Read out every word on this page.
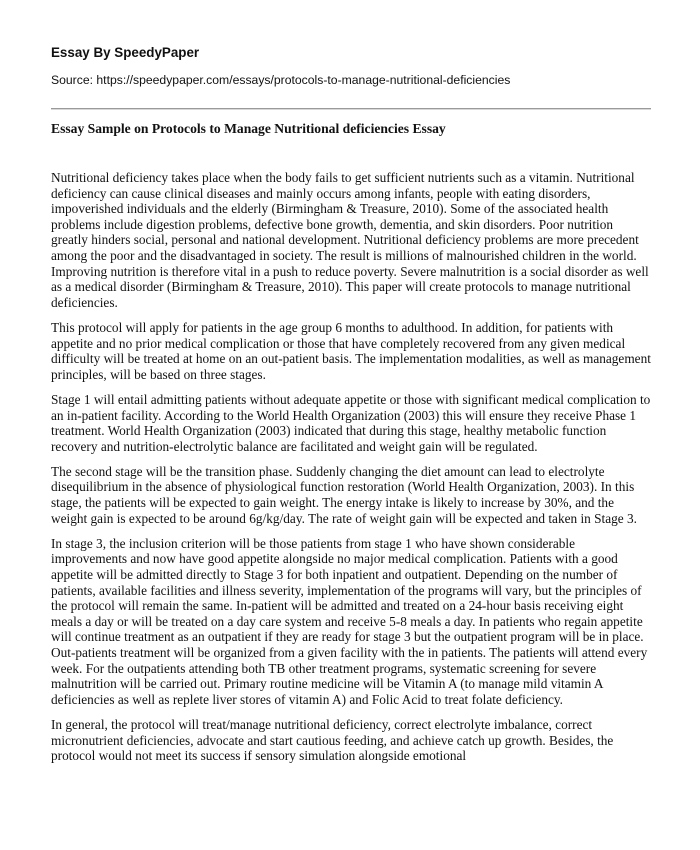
Essay By SpeedyPaper

Source: https://speedypaper.com/essays/protocols-to-manage-nutritional-deficiencies

Essay Sample on Protocols to Manage Nutritional deficiencies Essay

Nutritional deficiency takes place when the body fails to get sufficient nutrients such as a vitamin. Nutritional deficiency can cause clinical diseases and mainly occurs among infants, people with eating disorders, impoverished individuals and the elderly (Birmingham & Treasure, 2010). Some of the associated health problems include digestion problems, defective bone growth, dementia, and skin disorders. Poor nutrition greatly hinders social, personal and national development. Nutritional deficiency problems are more precedent among the poor and the disadvantaged in society. The result is millions of malnourished children in the world. Improving nutrition is therefore vital in a push to reduce poverty. Severe malnutrition is a social disorder as well as a medical disorder (Birmingham & Treasure, 2010). This paper will create protocols to manage nutritional deficiencies.

This protocol will apply for patients in the age group 6 months to adulthood. In addition, for patients with appetite and no prior medical complication or those that have completely recovered from any given medical difficulty will be treated at home on an out-patient basis. The implementation modalities, as well as management principles, will be based on three stages.

Stage 1 will entail admitting patients without adequate appetite or those with significant medical complication to an in-patient facility. According to the World Health Organization (2003) this will ensure they receive Phase 1 treatment. World Health Organization (2003) indicated that during this stage, healthy metabolic function recovery and nutrition-electrolytic balance are facilitated and weight gain will be regulated.

The second stage will be the transition phase. Suddenly changing the diet amount can lead to electrolyte disequilibrium in the absence of physiological function restoration (World Health Organization, 2003). In this stage, the patients will be expected to gain weight. The energy intake is likely to increase by 30%, and the weight gain is expected to be around 6g/kg/day. The rate of weight gain will be expected and taken in Stage 3.

In stage 3, the inclusion criterion will be those patients from stage 1 who have shown considerable improvements and now have good appetite alongside no major medical complication. Patients with a good appetite will be admitted directly to Stage 3 for both inpatient and outpatient. Depending on the number of patients, available facilities and illness severity, implementation of the programs will vary, but the principles of the protocol will remain the same. In-patient will be admitted and treated on a 24-hour basis receiving eight meals a day or will be treated on a day care system and receive 5-8 meals a day. In patients who regain appetite will continue treatment as an outpatient if they are ready for stage 3 but the outpatient program will be in place. Out-patients treatment will be organized from a given facility with the in patients. The patients will attend every week. For the outpatients attending both TB other treatment programs, systematic screening for severe malnutrition will be carried out. Primary routine medicine will be Vitamin A (to manage mild vitamin A deficiencies as well as replete liver stores of vitamin A) and Folic Acid to treat folate deficiency.

In general, the protocol will treat/manage nutritional deficiency, correct electrolyte imbalance, correct micronutrient deficiencies, advocate and start cautious feeding, and achieve catch up growth. Besides, the protocol would not meet its success if sensory simulation alongside emotional
